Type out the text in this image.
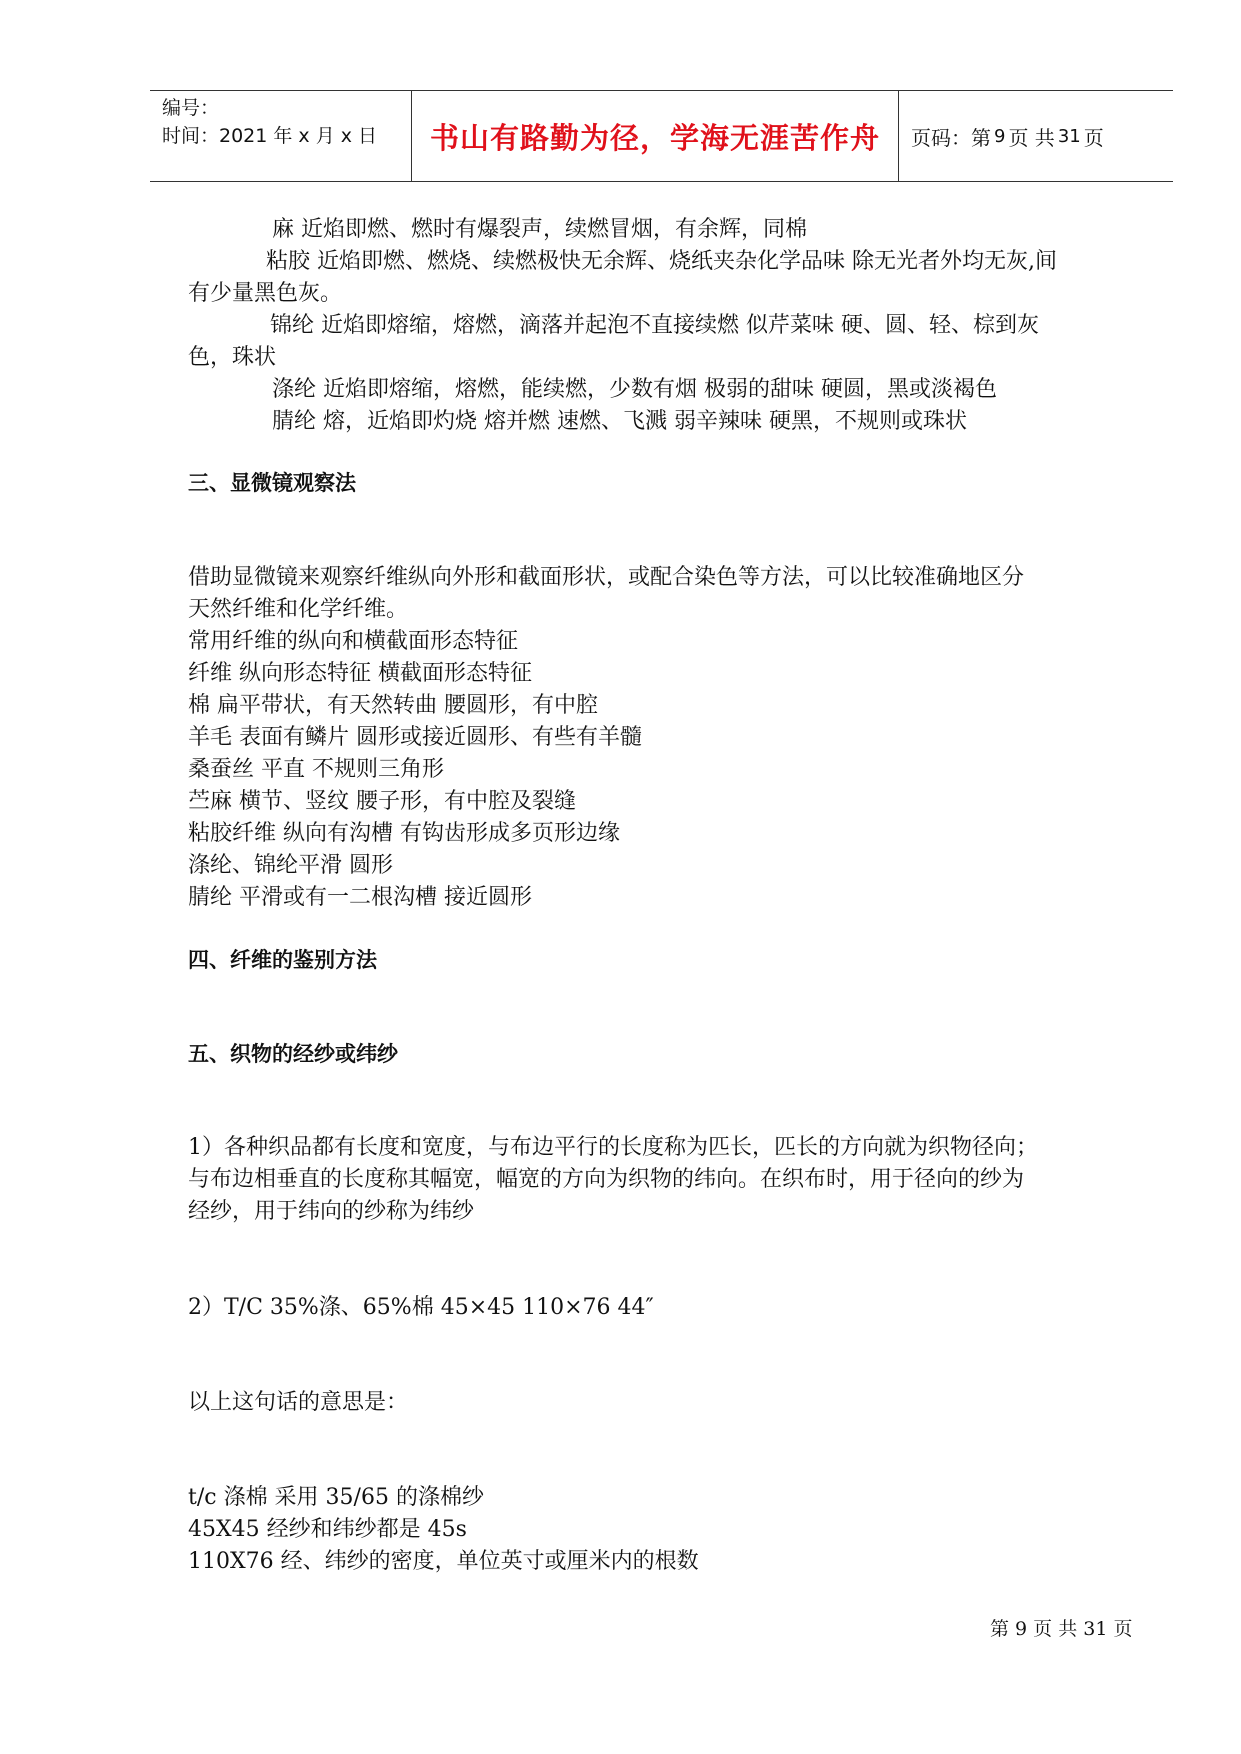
编号：
时间：2021 年 x 月 x 日 书山有路勤为径，学海无涯苦作舟 页码：第 9 页 共 31 页
麻 近焰即燃、燃时有爆裂声，续燃冒烟，有余辉，同棉
粘胶 近焰即燃、燃烧、续燃极快无余辉、烧纸夹杂化学品味 除无光者外均无灰,间
有少量黑色灰。
锦纶 近焰即熔缩，熔燃，滴落并起泡不直接续燃 似芹菜味 硬、圆、轻、棕到灰
色，珠状
涤纶 近焰即熔缩，熔燃，能续燃，少数有烟 极弱的甜味 硬圆，黑或淡褐色
腈纶 熔，近焰即灼烧 熔并燃 速燃、飞溅 弱辛辣味 硬黑，不规则或珠状
三、显微镜观察法
借助显微镜来观察纤维纵向外形和截面形状，或配合染色等方法，可以比较准确地区分
天然纤维和化学纤维。
常用纤维的纵向和横截面形态特征
纤维 纵向形态特征 横截面形态特征
棉 扁平带状，有天然转曲 腰圆形，有中腔
羊毛 表面有鳞片 圆形或接近圆形、有些有羊髓
桑蚕丝 平直 不规则三角形
苎麻 横节、竖纹 腰子形，有中腔及裂缝
粘胶纤维 纵向有沟槽 有钩齿形成多页形边缘
涤纶、锦纶平滑 圆形
腈纶 平滑或有一二根沟槽 接近圆形
四、纤维的鉴别方法
五、织物的经纱或纬纱
1）各种织品都有长度和宽度，与布边平行的长度称为匹长，匹长的方向就为织物径向；
与布边相垂直的长度称其幅宽，幅宽的方向为织物的纬向。在织布时，用于径向的纱为
经纱，用于纬向的纱称为纬纱
2）T/C 35%涤、65%棉 45×45 110×76 44″
以上这句话的意思是：
t/c 涤棉 采用 35/65 的涤棉纱
45X45 经纱和纬纱都是 45s
110X76 经、纬纱的密度，单位英寸或厘米内的根数
第 9 页 共 31 页
